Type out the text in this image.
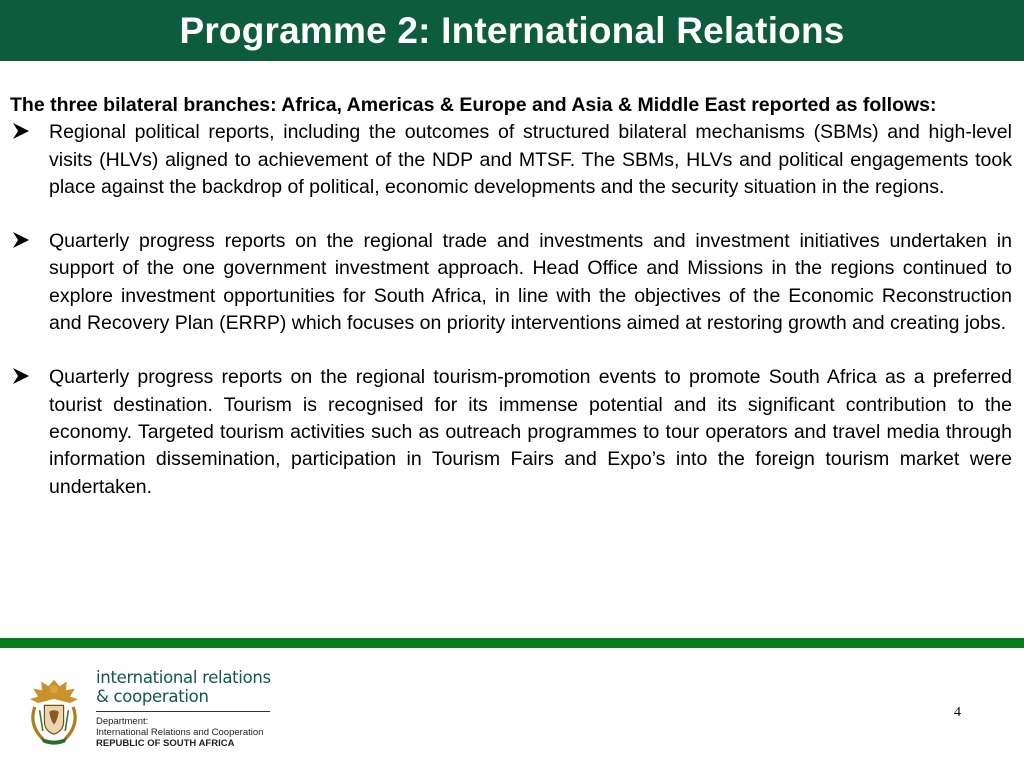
Programme 2: International Relations

The three bilateral branches: Africa, Americas & Europe and Asia & Middle East reported as follows:

Regional political reports, including the outcomes of structured bilateral mechanisms (SBMs) and high-level visits (HLVs) aligned to achievement of the NDP and MTSF. The SBMs, HLVs and political engagements took place against the backdrop of political, economic developments and the security situation in the regions.

Quarterly progress reports on the regional trade and investments and investment initiatives undertaken in support of the one government investment approach. Head Office and Missions in the regions continued to explore investment opportunities for South Africa, in line with the objectives of the Economic Reconstruction and Recovery Plan (ERRP) which focuses on priority interventions aimed at restoring growth and creating jobs.

Quarterly progress reports on the regional tourism-promotion events to promote South Africa as a preferred tourist destination. Tourism is recognised for its immense potential and its significant contribution to the economy. Targeted tourism activities such as outreach programmes to tour operators and travel media through information dissemination, participation in Tourism Fairs and Expo’s into the foreign tourism market were undertaken.

international relations
& cooperation
Department:
International Relations and Cooperation
REPUBLIC OF SOUTH AFRICA
4
